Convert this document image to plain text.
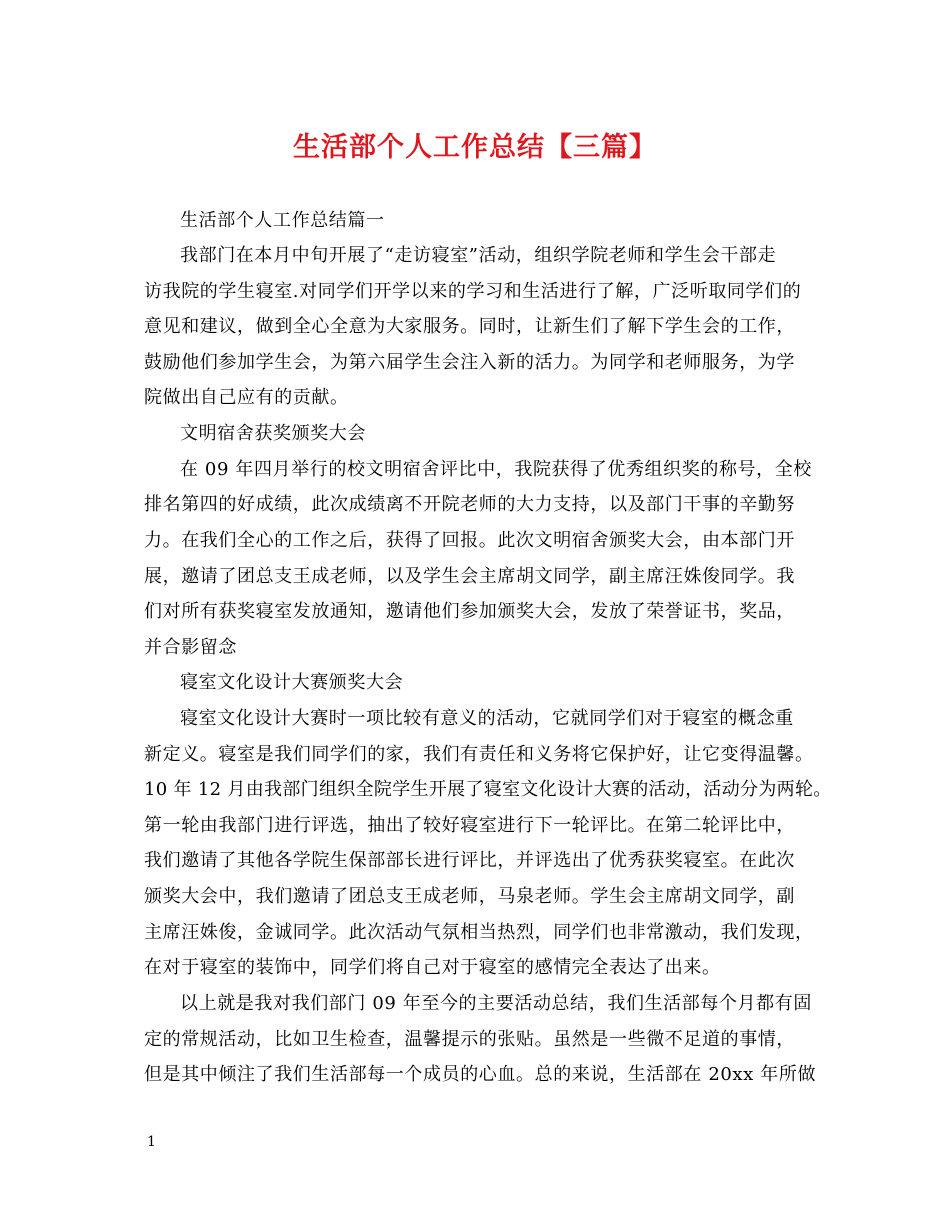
生活部个人工作总结【三篇】
生活部个人工作总结篇一
我部门在本月中旬开展了“走访寝室”活动，组织学院老师和学生会干部走
访我院的学生寝室.对同学们开学以来的学习和生活进行了解，广泛听取同学们的
意见和建议，做到全心全意为大家服务。同时，让新生们了解下学生会的工作，
鼓励他们参加学生会，为第六届学生会注入新的活力。为同学和老师服务，为学
院做出自己应有的贡献。
文明宿舍获奖颁奖大会
在 09 年四月举行的校文明宿舍评比中，我院获得了优秀组织奖的称号，全校
排名第四的好成绩，此次成绩离不开院老师的大力支持，以及部门干事的辛勤努
力。在我们全心的工作之后，获得了回报。此次文明宿舍颁奖大会，由本部门开
展，邀请了团总支王成老师，以及学生会主席胡文同学，副主席汪姝俊同学。我
们对所有获奖寝室发放通知，邀请他们参加颁奖大会，发放了荣誉证书，奖品，
并合影留念
寝室文化设计大赛颁奖大会
寝室文化设计大赛时一项比较有意义的活动，它就同学们对于寝室的概念重
新定义。寝室是我们同学们的家，我们有责任和义务将它保护好，让它变得温馨。
10 年 12 月由我部门组织全院学生开展了寝室文化设计大赛的活动，活动分为两轮。
第一轮由我部门进行评选，抽出了较好寝室进行下一轮评比。在第二轮评比中，
我们邀请了其他各学院生保部部长进行评比，并评选出了优秀获奖寝室。在此次
颁奖大会中，我们邀请了团总支王成老师，马泉老师。学生会主席胡文同学，副
主席汪姝俊，金诚同学。此次活动气氛相当热烈，同学们也非常激动，我们发现，
在对于寝室的装饰中，同学们将自己对于寝室的感情完全表达了出来。
以上就是我对我们部门 09 年至今的主要活动总结，我们生活部每个月都有固
定的常规活动，比如卫生检查，温馨提示的张贴。虽然是一些微不足道的事情，
但是其中倾注了我们生活部每一个成员的心血。总的来说，生活部在 20xx 年所做
1
